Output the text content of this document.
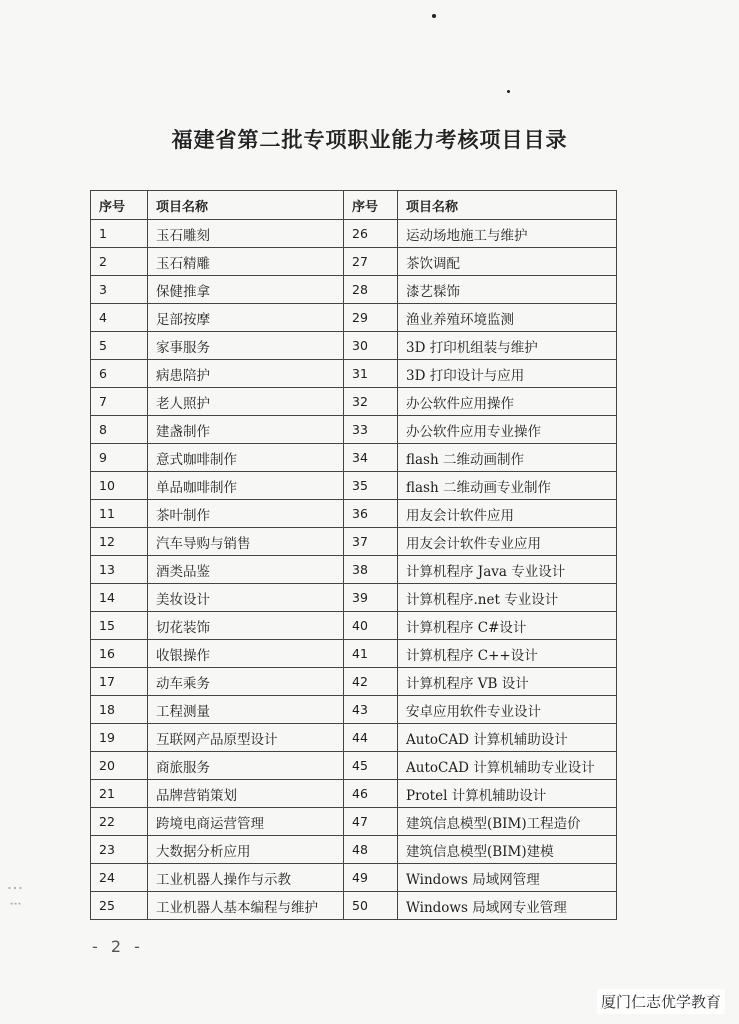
⋮ ⁝
福建省第二批专项职业能力考核项目目录
序号	项目名称	序号	项目名称
1	玉石雕刻	26	运动场地施工与维护
2	玉石精雕	27	茶饮调配
3	保健推拿	28	漆艺髹饰
4	足部按摩	29	渔业养殖环境监测
5	家事服务	30	3D 打印机组装与维护
6	病患陪护	31	3D 打印设计与应用
7	老人照护	32	办公软件应用操作
8	建盏制作	33	办公软件应用专业操作
9	意式咖啡制作	34	flash 二维动画制作
10	单品咖啡制作	35	flash 二维动画专业制作
11	茶叶制作	36	用友会计软件应用
12	汽车导购与销售	37	用友会计软件专业应用
13	酒类品鉴	38	计算机程序 Java 专业设计
14	美妆设计	39	计算机程序.net 专业设计
15	切花装饰	40	计算机程序 C#设计
16	收银操作	41	计算机程序 C++设计
17	动车乘务	42	计算机程序 VB 设计
18	工程测量	43	安卓应用软件专业设计
19	互联网产品原型设计	44	AutoCAD 计算机辅助设计
20	商旅服务	45	AutoCAD 计算机辅助专业设计
21	品牌营销策划	46	Protel 计算机辅助设计
22	跨境电商运营管理	47	建筑信息模型(BIM)工程造价
23	大数据分析应用	48	建筑信息模型(BIM)建模
24	工业机器人操作与示教	49	Windows 局域网管理
25	工业机器人基本编程与维护	50	Windows 局域网专业管理
- 2 -
厦门仁志优学教育
